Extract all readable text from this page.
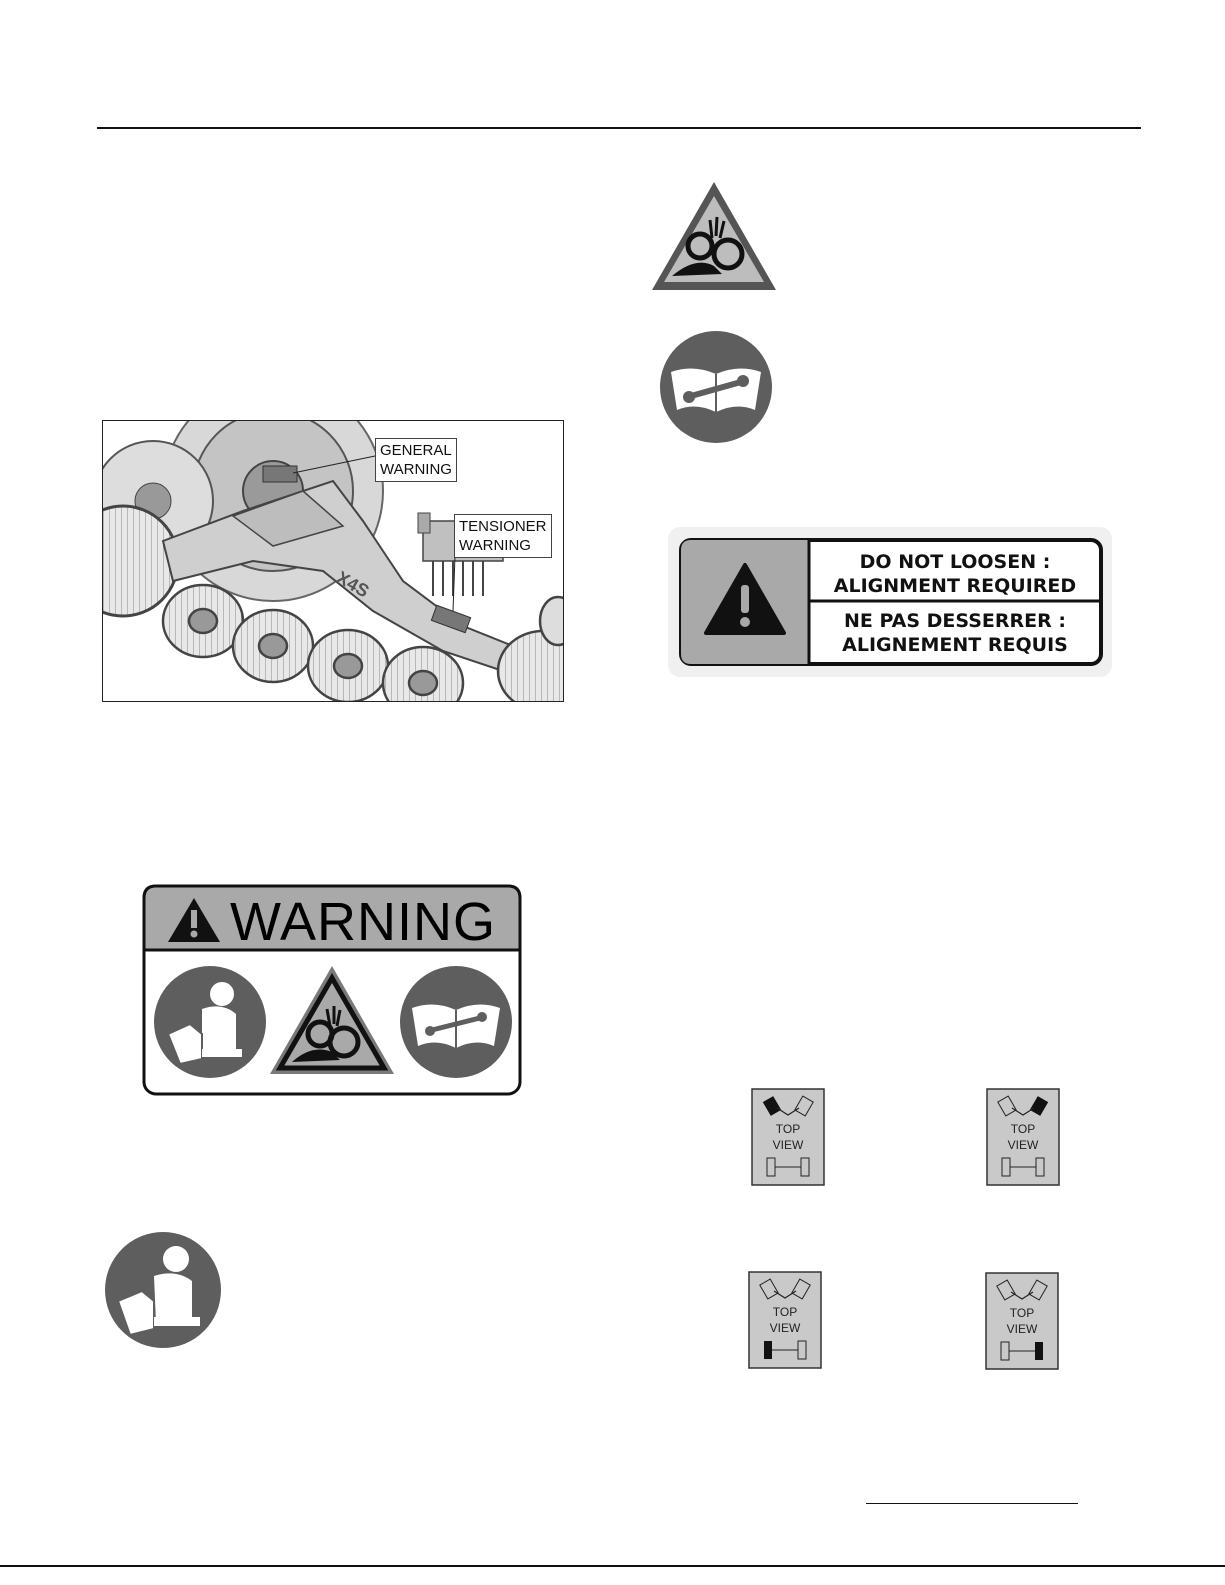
X4S
GENERAL
WARNING
TENSIONER
WARNING
WARNING
DO NOT LOOSEN :
ALIGNMENT REQUIRED
NE PAS DESSERRER :
ALIGNEMENT REQUIS
TOP
VIEW
TOP
VIEW
TOP
VIEW
TOP
VIEW
